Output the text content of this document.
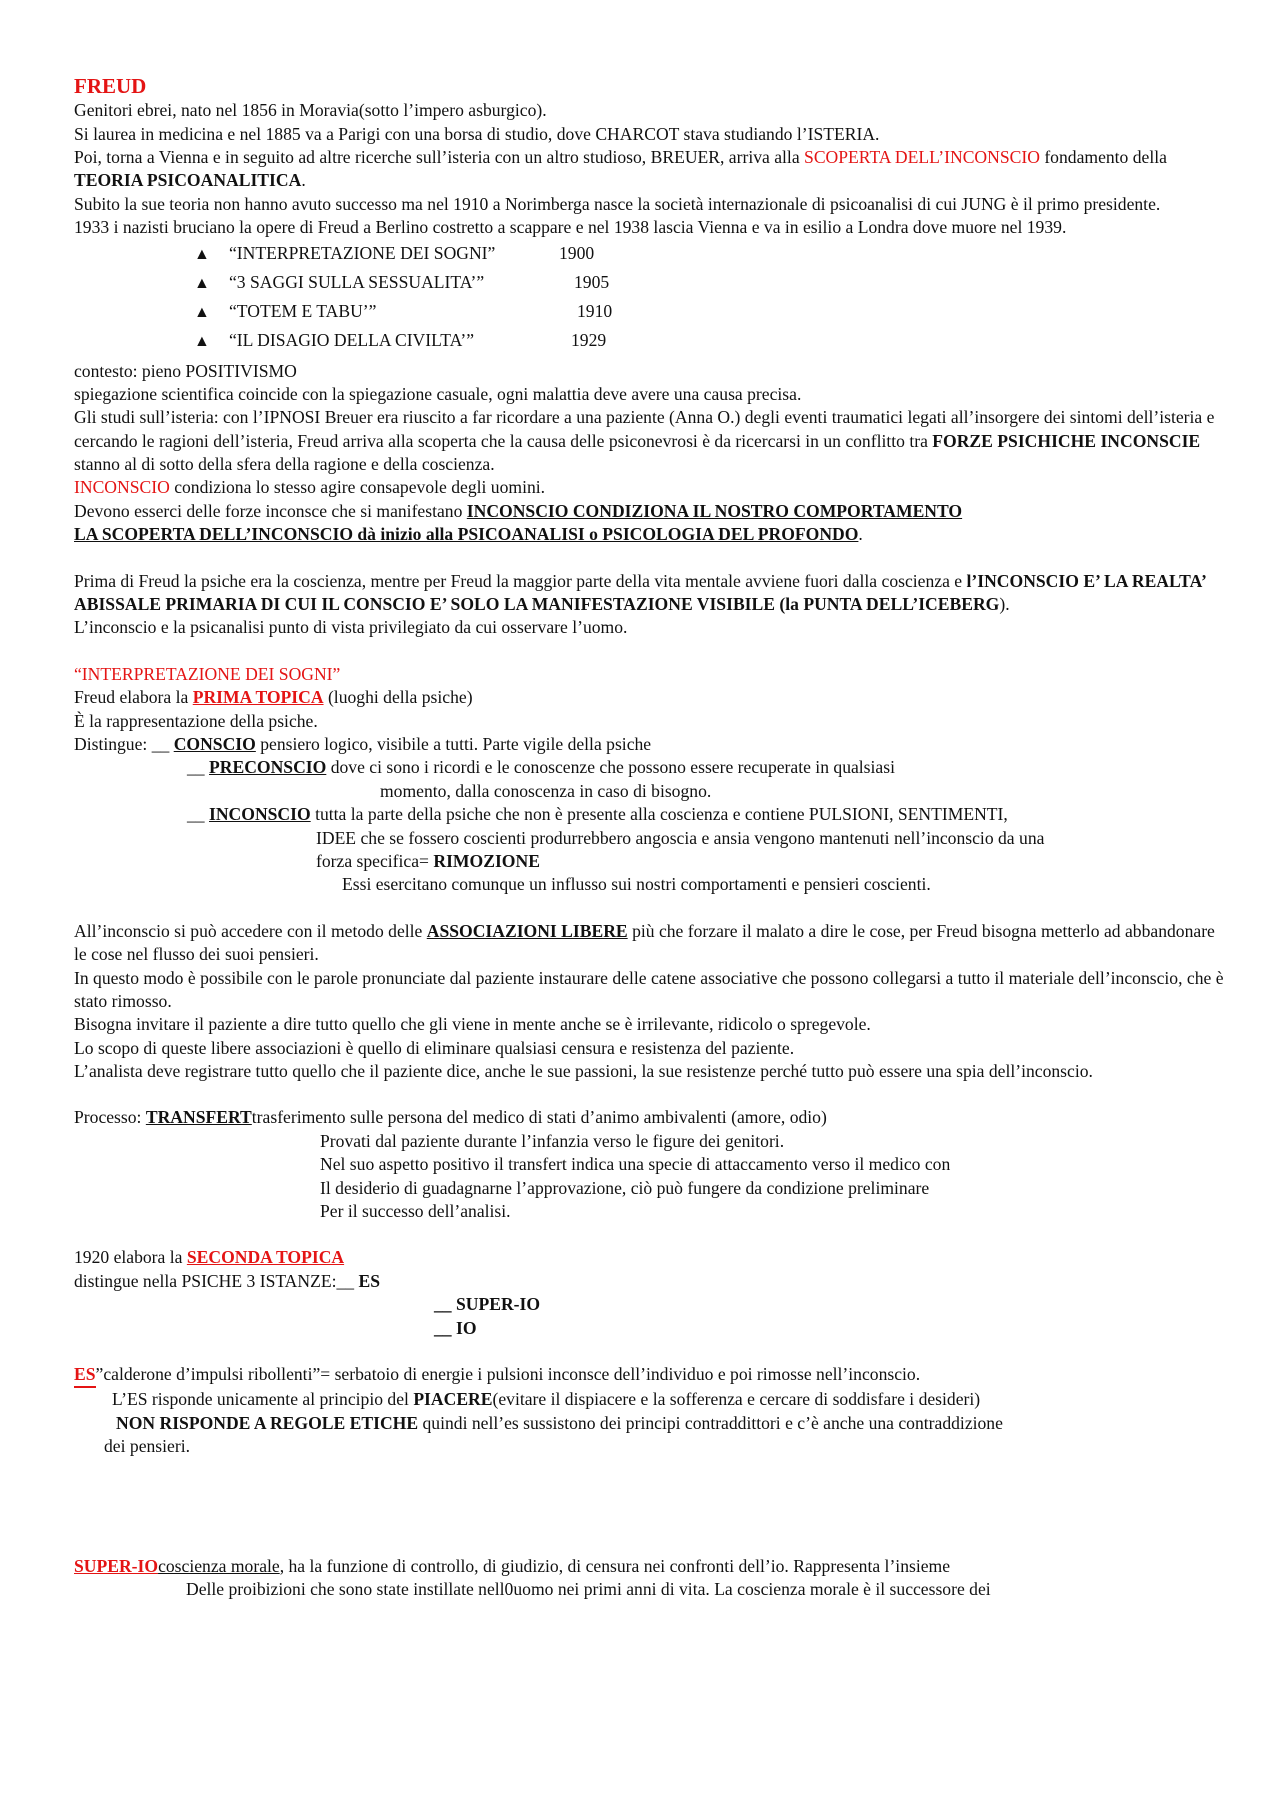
FREUD

Genitori ebrei, nato nel 1856 in Moravia(sotto l’impero asburgico).

Si laurea in medicina e nel 1885 va a Parigi con una borsa di studio, dove CHARCOT stava studiando l’ISTERIA.

Poi, torna a Vienna e in seguito ad altre ricerche sull’isteria con un altro studioso, BREUER, arriva alla SCOPERTA DELL’INCONSCIO fondamento della TEORIA PSICOANALITICA.

Subito la sue teoria non hanno avuto successo ma nel 1910 a Norimberga nasce la società internazionale di psicoanalisi di cui JUNG è il primo presidente.

1933 i nazisti bruciano la opere di Freud a Berlino costretto a scappare e nel 1938 lascia Vienna e va in esilio a Londra dove muore nel 1939.

▲	“INTERPRETAZIONE DEI SOGNI”	1900
▲	“3 SAGGI SULLA SESSUALITA’”	1905
▲	“TOTEM E TABU’”	1910
▲	“IL DISAGIO DELLA CIVILTA’”	1929

contesto: pieno POSITIVISMO

spiegazione scientifica coincide con la spiegazione casuale, ogni malattia deve avere una causa precisa.

Gli studi sull’isteria: con l’IPNOSI Breuer era riuscito a far ricordare a una paziente (Anna O.) degli eventi traumatici legati all’insorgere dei sintomi dell’isteria e cercando le ragioni dell’isteria, Freud arriva alla scoperta che la causa delle psiconevrosi è da ricercarsi in un conflitto tra FORZE PSICHICHE INCONSCIE stanno al di sotto della sfera della ragione e della coscienza.

INCONSCIO condiziona lo stesso agire consapevole degli uomini.

Devono esserci delle forze inconsce che si manifestano INCONSCIO CONDIZIONA IL NOSTRO COMPORTAMENTO

LA SCOPERTA DELL’INCONSCIO dà inizio alla PSICOANALISI o PSICOLOGIA DEL PROFONDO.

Prima di Freud la psiche era la coscienza, mentre per Freud la maggior parte della vita mentale avviene fuori dalla coscienza e l’INCONSCIO E’ LA REALTA’ ABISSALE PRIMARIA DI CUI IL CONSCIO E’ SOLO LA MANIFESTAZIONE VISIBILE (la PUNTA DELL’ICEBERG).

L’inconscio e la psicanalisi punto di vista privilegiato da cui osservare l’uomo.

“INTERPRETAZIONE DEI SOGNI”

Freud elabora la PRIMA TOPICA (luoghi della psiche)

È la rappresentazione della psiche.

Distingue: __ CONSCIO pensiero logico, visibile a tutti. Parte vigile della psiche

__ PRECONSCIO dove ci sono i ricordi e le conoscenze che possono essere recuperate in qualsiasi

momento, dalla conoscenza in caso di bisogno.

__ INCONSCIO tutta la parte della psiche che non è presente alla coscienza e contiene PULSIONI, SENTIMENTI,

IDEE che se fossero coscienti produrrebbero angoscia e ansia vengono mantenuti nell’inconscio da una

forza specifica= RIMOZIONE

Essi esercitano comunque un influsso sui nostri comportamenti e pensieri coscienti.

All’inconscio si può accedere con il metodo delle ASSOCIAZIONI LIBERE più che forzare il malato a dire le cose, per Freud bisogna metterlo ad abbandonare le cose nel flusso dei suoi pensieri.

In questo modo è possibile con le parole pronunciate dal paziente instaurare delle catene associative che possono collegarsi a tutto il materiale dell’inconscio, che è stato rimosso.

Bisogna invitare il paziente a dire tutto quello che gli viene in mente anche se è irrilevante, ridicolo o spregevole.

Lo scopo di queste libere associazioni è quello di eliminare qualsiasi censura e resistenza del paziente.

L’analista deve registrare tutto quello che il paziente dice, anche le sue passioni, la sue resistenze perché tutto può essere una spia dell’inconscio.

Processo: TRANSFERTtrasferimento sulle persona del medico di stati d’animo ambivalenti (amore, odio)

Provati dal paziente durante l’infanzia verso le figure dei genitori.

Nel suo aspetto positivo il transfert indica una specie di attaccamento verso il medico con

Il desiderio di guadagnarne l’approvazione, ciò può fungere da condizione preliminare

Per il successo dell’analisi.

1920 elabora la SECONDA TOPICA

distingue nella PSICHE 3 ISTANZE:__ ES

__ SUPER-IO

__ IO

ES”calderone d’impulsi ribollenti”= serbatoio di energie i pulsioni inconsce dell’individuo e poi rimosse nell’inconscio.

L’ES risponde unicamente al principio del PIACERE(evitare il dispiacere e la sofferenza e cercare di soddisfare i desideri)

NON RISPONDE A REGOLE ETICHE quindi nell’es sussistono dei principi contraddittori e c’è anche una contraddizione

dei pensieri.

SUPER-IOcoscienza morale, ha la funzione di controllo, di giudizio, di censura nei confronti dell’io. Rappresenta l’insieme

Delle proibizioni che sono state instillate nell0uomo nei primi anni di vita. La coscienza morale è il successore dei
